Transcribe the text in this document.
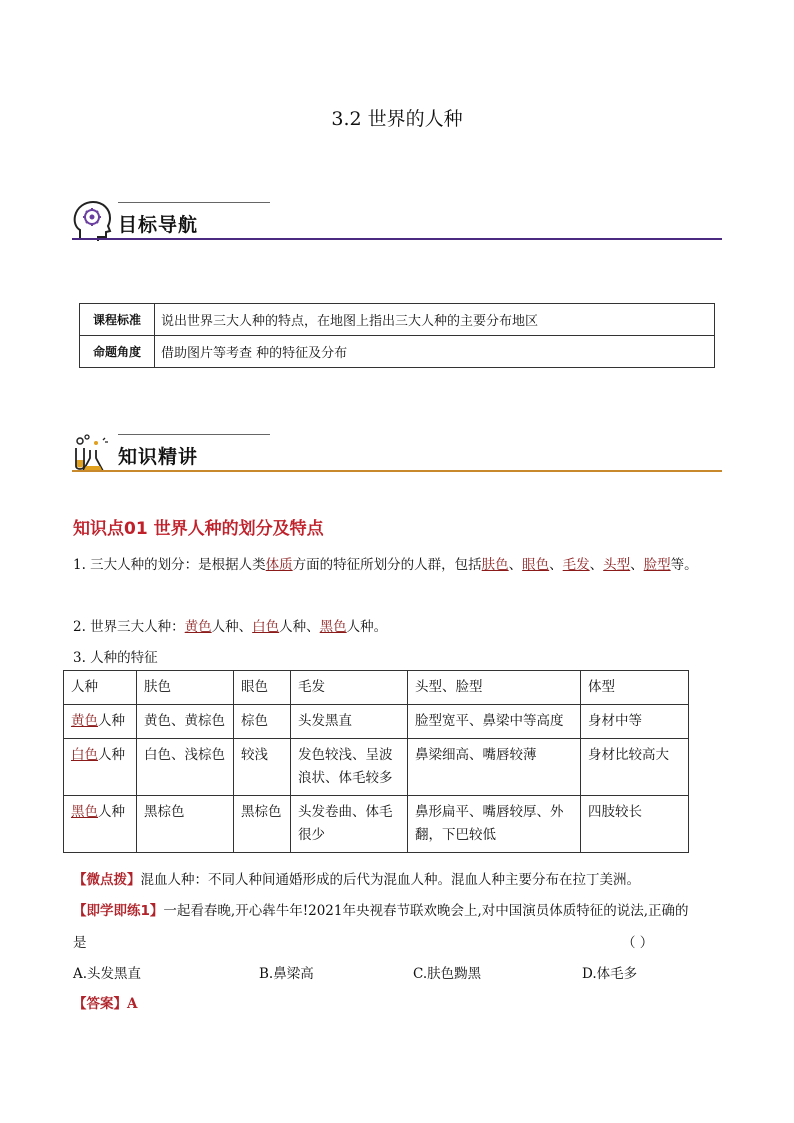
3.2 世界的人种
目标导航
课程标准	说出世界三大人种的特点，在地图上指出三大人种的主要分布地区
命题角度	借助图片等考查 种的特征及分布
知识精讲
知识点01 世界人种的划分及特点
1. 三大人种的划分：是根据人类体质方面的特征所划分的人群，包括肤色、眼色、毛发、头型、脸型等。
2. 世界三大人种：黄色人种、白色人种、黑色人种。
3. 人种的特征
人种	肤色	眼色	毛发	头型、脸型	体型
黄色人种	黄色、黄棕色	棕色	头发黑直	脸型宽平、鼻梁中等高度	身材中等
白色人种	白色、浅棕色	较浅	发色较浅、呈波浪状、体毛较多	鼻梁细高、嘴唇较薄	身材比较高大
黑色人种	黑棕色	黑棕色	头发卷曲、体毛很少	鼻形扁平、嘴唇较厚、外翻，下巴较低	四肢较长
【微点拨】混血人种：不同人种间通婚形成的后代为混血人种。混血人种主要分布在拉丁美洲。
【即学即练1】一起看春晚,开心犇牛年!2021年央视春节联欢晚会上,对中国演员体质特征的说法,正确的
是	（ ）
A.头发黑直	B.鼻梁高	C.肤色黝黑	D.体毛多
【答案】A
